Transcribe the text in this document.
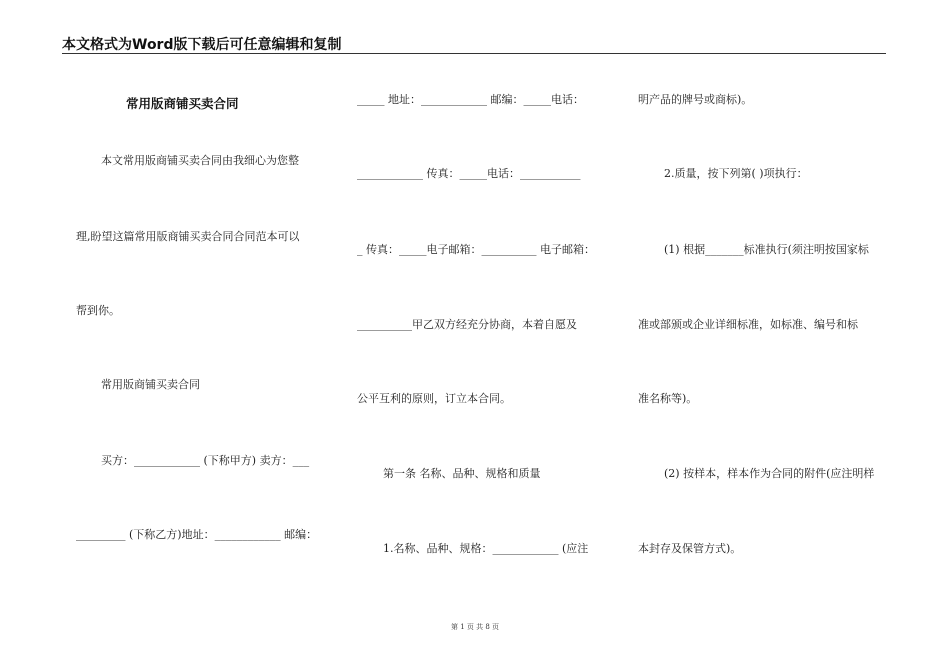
本文格式为Word版下载后可任意编辑和复制
常用版商铺买卖合同
本文常用版商铺买卖合同由我细心为您整
理,盼望这篇常用版商铺买卖合同合同范本可以
帮到你。
常用版商铺买卖合同
买方：____________ (下称甲方) 卖方：___
_________ (下称乙方)地址：____________ 邮编：
_____ 地址：____________ 邮编：_____电话：
____________ 传真：_____电话：___________
_ 传真：_____电子邮箱：__________ 电子邮箱：
__________甲乙双方经充分协商，本着自愿及
公平互利的原则，订立本合同。
第一条 名称、品种、规格和质量
1.名称、品种、规格：____________ (应注
明产品的牌号或商标)。
2.质量，按下列第( )项执行：
(1) 根据_______标准执行(须注明按国家标
准或部颁或企业详细标准，如标准、编号和标
准名称等)。
(2) 按样本，样本作为合同的附件(应注明样
本封存及保管方式)。
第 1 页 共 8 页
